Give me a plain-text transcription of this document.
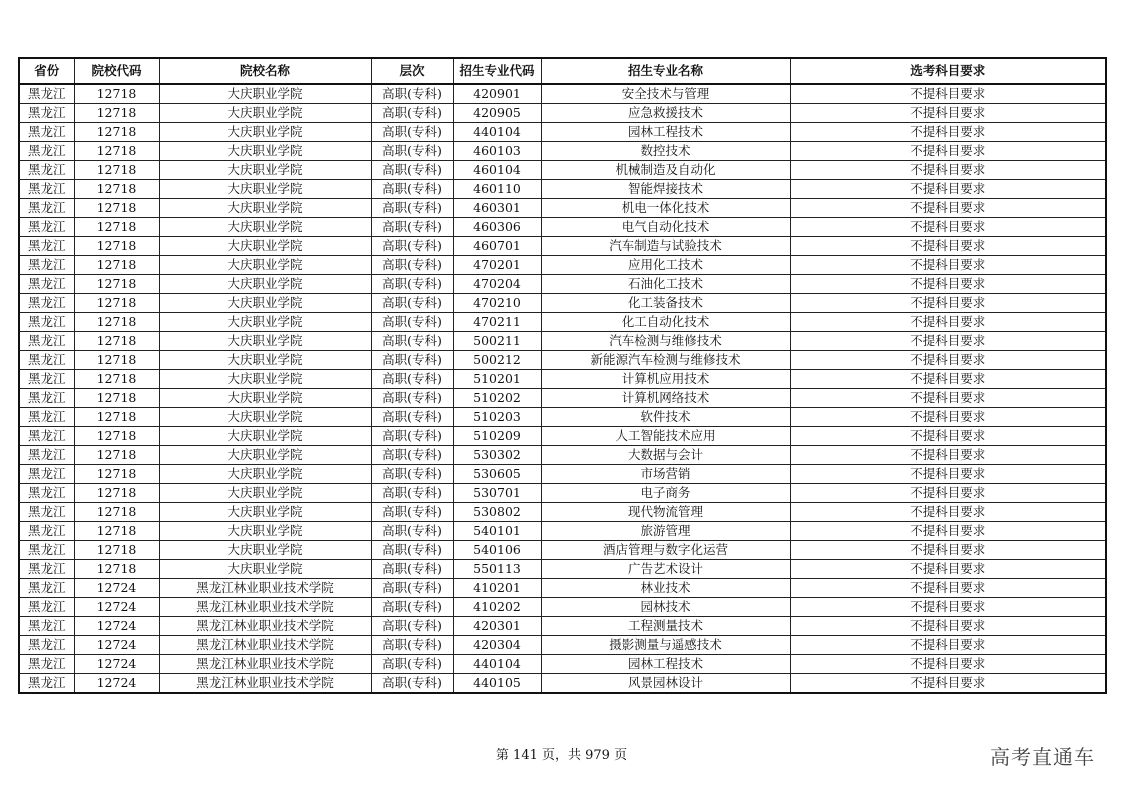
省份	院校代码	院校名称	层次	招生专业代码	招生专业名称	选考科目要求
黑龙江	12718	大庆职业学院	高职(专科)	420901	安全技术与管理	不提科目要求
黑龙江	12718	大庆职业学院	高职(专科)	420905	应急救援技术	不提科目要求
黑龙江	12718	大庆职业学院	高职(专科)	440104	园林工程技术	不提科目要求
黑龙江	12718	大庆职业学院	高职(专科)	460103	数控技术	不提科目要求
黑龙江	12718	大庆职业学院	高职(专科)	460104	机械制造及自动化	不提科目要求
黑龙江	12718	大庆职业学院	高职(专科)	460110	智能焊接技术	不提科目要求
黑龙江	12718	大庆职业学院	高职(专科)	460301	机电一体化技术	不提科目要求
黑龙江	12718	大庆职业学院	高职(专科)	460306	电气自动化技术	不提科目要求
黑龙江	12718	大庆职业学院	高职(专科)	460701	汽车制造与试验技术	不提科目要求
黑龙江	12718	大庆职业学院	高职(专科)	470201	应用化工技术	不提科目要求
黑龙江	12718	大庆职业学院	高职(专科)	470204	石油化工技术	不提科目要求
黑龙江	12718	大庆职业学院	高职(专科)	470210	化工装备技术	不提科目要求
黑龙江	12718	大庆职业学院	高职(专科)	470211	化工自动化技术	不提科目要求
黑龙江	12718	大庆职业学院	高职(专科)	500211	汽车检测与维修技术	不提科目要求
黑龙江	12718	大庆职业学院	高职(专科)	500212	新能源汽车检测与维修技术	不提科目要求
黑龙江	12718	大庆职业学院	高职(专科)	510201	计算机应用技术	不提科目要求
黑龙江	12718	大庆职业学院	高职(专科)	510202	计算机网络技术	不提科目要求
黑龙江	12718	大庆职业学院	高职(专科)	510203	软件技术	不提科目要求
黑龙江	12718	大庆职业学院	高职(专科)	510209	人工智能技术应用	不提科目要求
黑龙江	12718	大庆职业学院	高职(专科)	530302	大数据与会计	不提科目要求
黑龙江	12718	大庆职业学院	高职(专科)	530605	市场营销	不提科目要求
黑龙江	12718	大庆职业学院	高职(专科)	530701	电子商务	不提科目要求
黑龙江	12718	大庆职业学院	高职(专科)	530802	现代物流管理	不提科目要求
黑龙江	12718	大庆职业学院	高职(专科)	540101	旅游管理	不提科目要求
黑龙江	12718	大庆职业学院	高职(专科)	540106	酒店管理与数字化运营	不提科目要求
黑龙江	12718	大庆职业学院	高职(专科)	550113	广告艺术设计	不提科目要求
黑龙江	12724	黑龙江林业职业技术学院	高职(专科)	410201	林业技术	不提科目要求
黑龙江	12724	黑龙江林业职业技术学院	高职(专科)	410202	园林技术	不提科目要求
黑龙江	12724	黑龙江林业职业技术学院	高职(专科)	420301	工程测量技术	不提科目要求
黑龙江	12724	黑龙江林业职业技术学院	高职(专科)	420304	摄影测量与遥感技术	不提科目要求
黑龙江	12724	黑龙江林业职业技术学院	高职(专科)	440104	园林工程技术	不提科目要求
黑龙江	12724	黑龙江林业职业技术学院	高职(专科)	440105	风景园林设计	不提科目要求
第 141 页，共 979 页	高考直通车
